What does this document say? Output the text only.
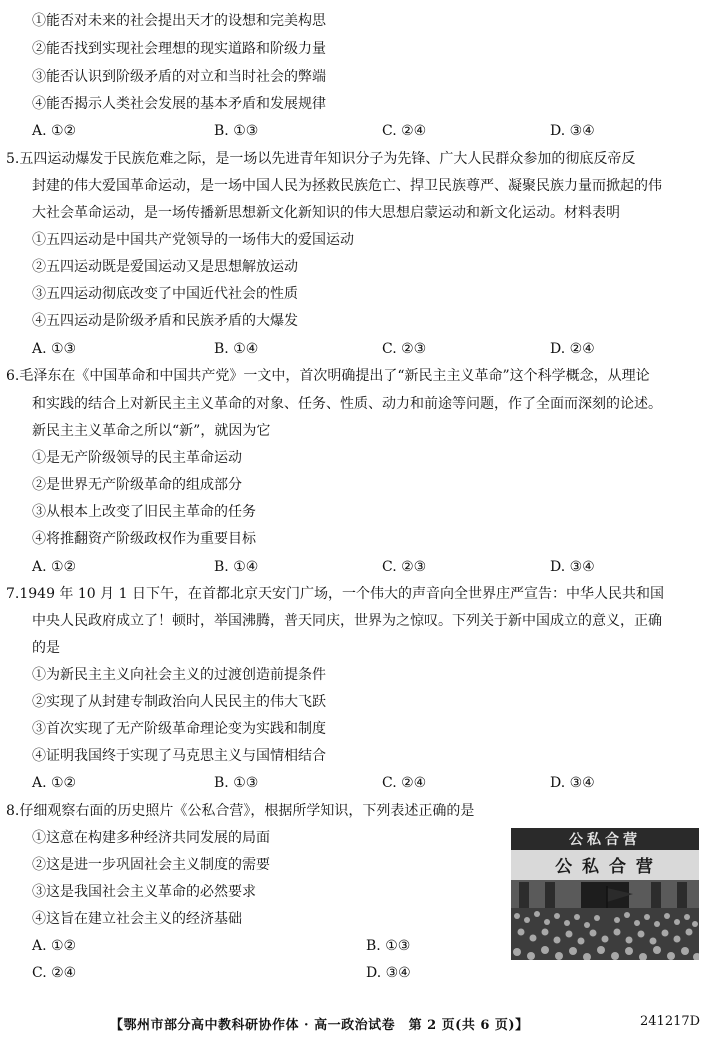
①能否对未来的社会提出天才的设想和完美构思
②能否找到实现社会理想的现实道路和阶级力量
③能否认识到阶级矛盾的对立和当时社会的弊端
④能否揭示人类社会发展的基本矛盾和发展规律
A. ①②	B. ①③	C. ②④	D. ③④
5.五四运动爆发于民族危难之际，是一场以先进青年知识分子为先锋、广大人民群众参加的彻底反帝反
封建的伟大爱国革命运动，是一场中国人民为拯救民族危亡、捍卫民族尊严、凝聚民族力量而掀起的伟
大社会革命运动，是一场传播新思想新文化新知识的伟大思想启蒙运动和新文化运动。材料表明
①五四运动是中国共产党领导的一场伟大的爱国运动
②五四运动既是爱国运动又是思想解放运动
③五四运动彻底改变了中国近代社会的性质
④五四运动是阶级矛盾和民族矛盾的大爆发
A. ①③	B. ①④	C. ②③	D. ②④
6.毛泽东在《中国革命和中国共产党》一文中，首次明确提出了“新民主主义革命”这个科学概念，从理论
和实践的结合上对新民主主义革命的对象、任务、性质、动力和前途等问题，作了全面而深刻的论述。
新民主主义革命之所以“新”，就因为它
①是无产阶级领导的民主革命运动
②是世界无产阶级革命的组成部分
③从根本上改变了旧民主革命的任务
④将推翻资产阶级政权作为重要目标
A. ①②	B. ①④	C. ②③	D. ③④
7.1949 年 10 月 1 日下午，在首都北京天安门广场，一个伟大的声音向全世界庄严宣告：中华人民共和国
中央人民政府成立了！顿时，举国沸腾，普天同庆，世界为之惊叹。下列关于新中国成立的意义，正确
的是
①为新民主主义向社会主义的过渡创造前提条件
②实现了从封建专制政治向人民民主的伟大飞跃
③首次实现了无产阶级革命理论变为实践和制度
④证明我国终于实现了马克思主义与国情相结合
A. ①②	B. ①③	C. ②④	D. ③④
8.仔细观察右面的历史照片《公私合营》，根据所学知识，下列表述正确的是
①这意在构建多种经济共同发展的局面
②这是进一步巩固社会主义制度的需要
③这是我国社会主义革命的必然要求
④这旨在建立社会主义的经济基础
A. ①②	B. ①③
C. ②④	D. ③④
公私合营
公 私 合 营
【鄂州市部分高中教科研协作体 · 高一政治试卷　第 2 页(共 6 页)】	241217D
